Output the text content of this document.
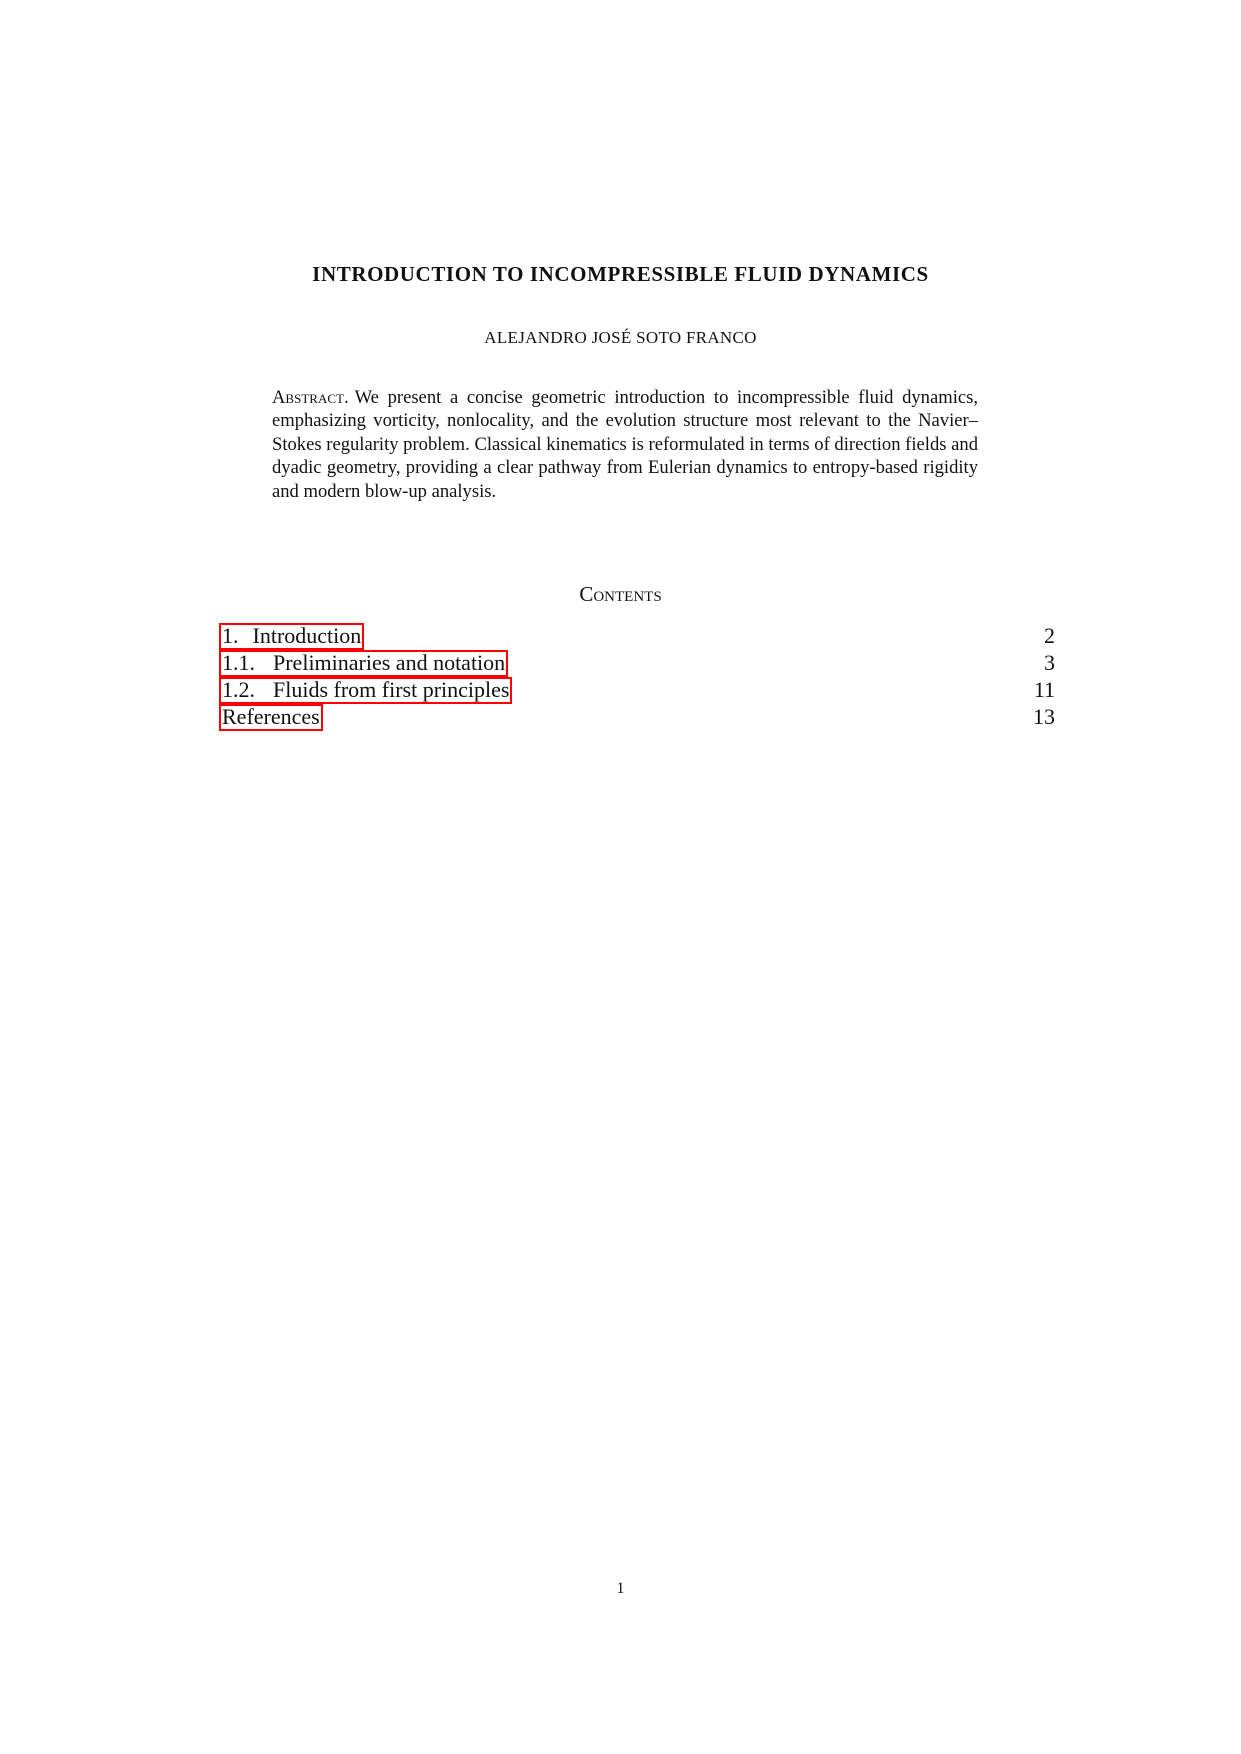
INTRODUCTION TO INCOMPRESSIBLE FLUID DYNAMICS
ALEJANDRO JOSÉ SOTO FRANCO
Abstract. We present a concise geometric introduction to incompressible fluid dynamics, emphasizing vorticity, nonlocality, and the evolution structure most relevant to the Navier–Stokes regularity problem. Classical kinematics is reformulated in terms of direction fields and dyadic geometry, providing a clear pathway from Eulerian dynamics to entropy-based rigidity and modern blow-up analysis.
Contents
1. Introduction	2
1.1. Preliminaries and notation	3
1.2. Fluids from first principles	11
References	13
1
